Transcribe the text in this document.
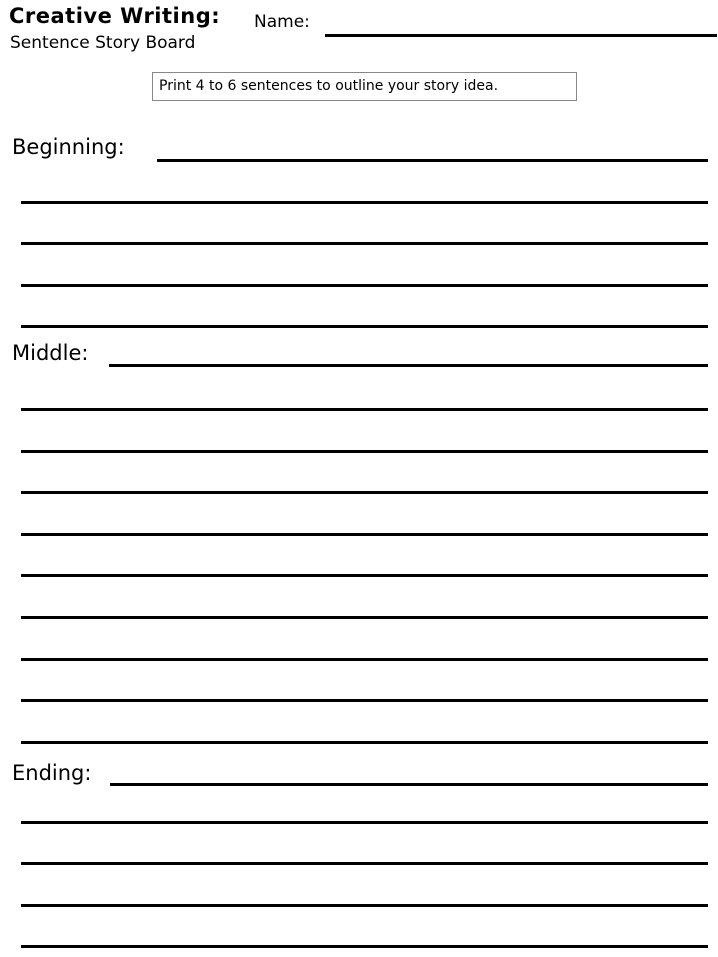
Creative Writing:
Sentence Story Board
Name:
Print 4 to 6 sentences to outline your story idea.
Beginning:
Middle:
Ending:
